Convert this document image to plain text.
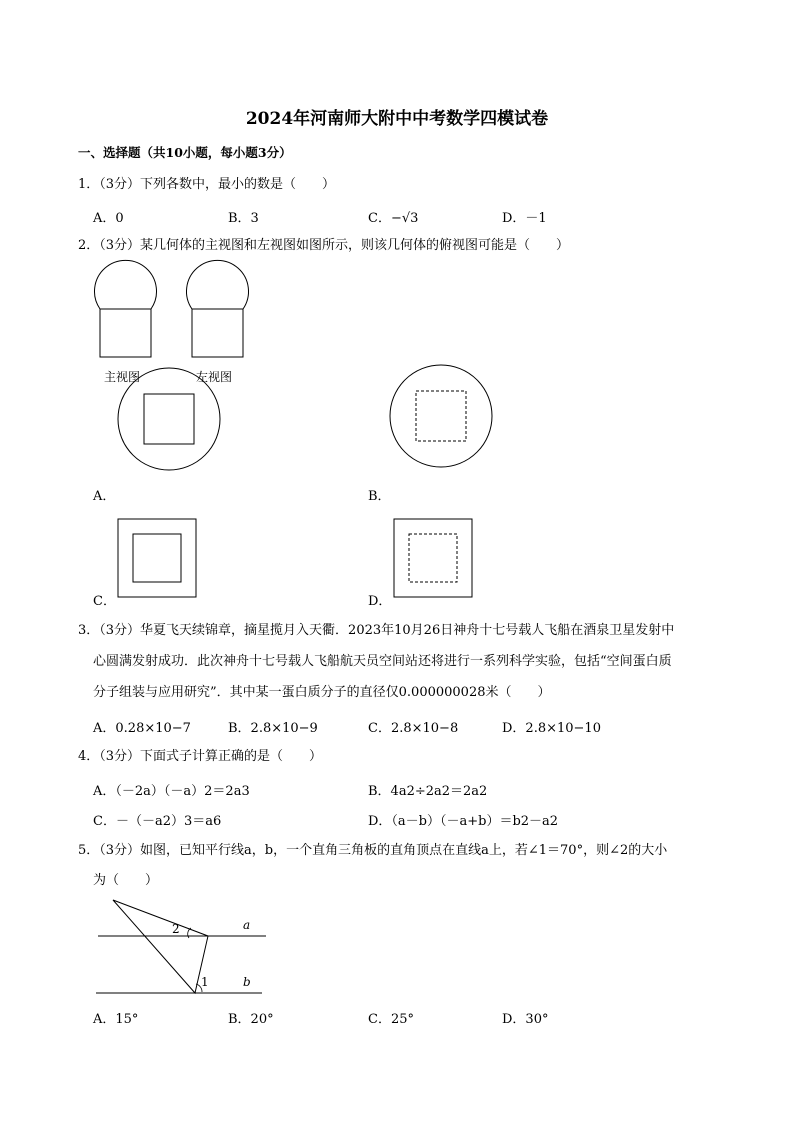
2024年河南师大附中中考数学四模试卷
一、选择题（共10小题，每小题3分）
1．（3分）下列各数中，最小的数是（　　）
A．0	B．3	C．−√3	D．－1
2．（3分）某几何体的主视图和左视图如图所示，则该几何体的俯视图可能是（　　）
主视图	左视图
A．	B．
C．	D．
3．（3分）华夏飞天续锦章，摘星揽月入天衢．2023年10月26日神舟十七号载人飞船在酒泉卫星发射中
心圆满发射成功．此次神舟十七号载人飞船航天员空间站还将进行一系列科学实验，包括“空间蛋白质
分子组装与应用研究”．其中某一蛋白质分子的直径仅0.000000028米（　　）
A．0.28×10−7	B．2.8×10−9	C．2.8×10−8	D．2.8×10−10
4．（3分）下面式子计算正确的是（　　）
A．（－2a）（－a）2＝2a3	B．4a2÷2a2＝2a2
C．－（－a2）3＝a6	D．（a－b）（－a+b）＝b2－a2
5．（3分）如图，已知平行线a，b，一个直角三角板的直角顶点在直线a上，若∠1＝70°，则∠2的大小
为（　　）
2	a
1	b
A．15°	B．20°	C．25°	D．30°
